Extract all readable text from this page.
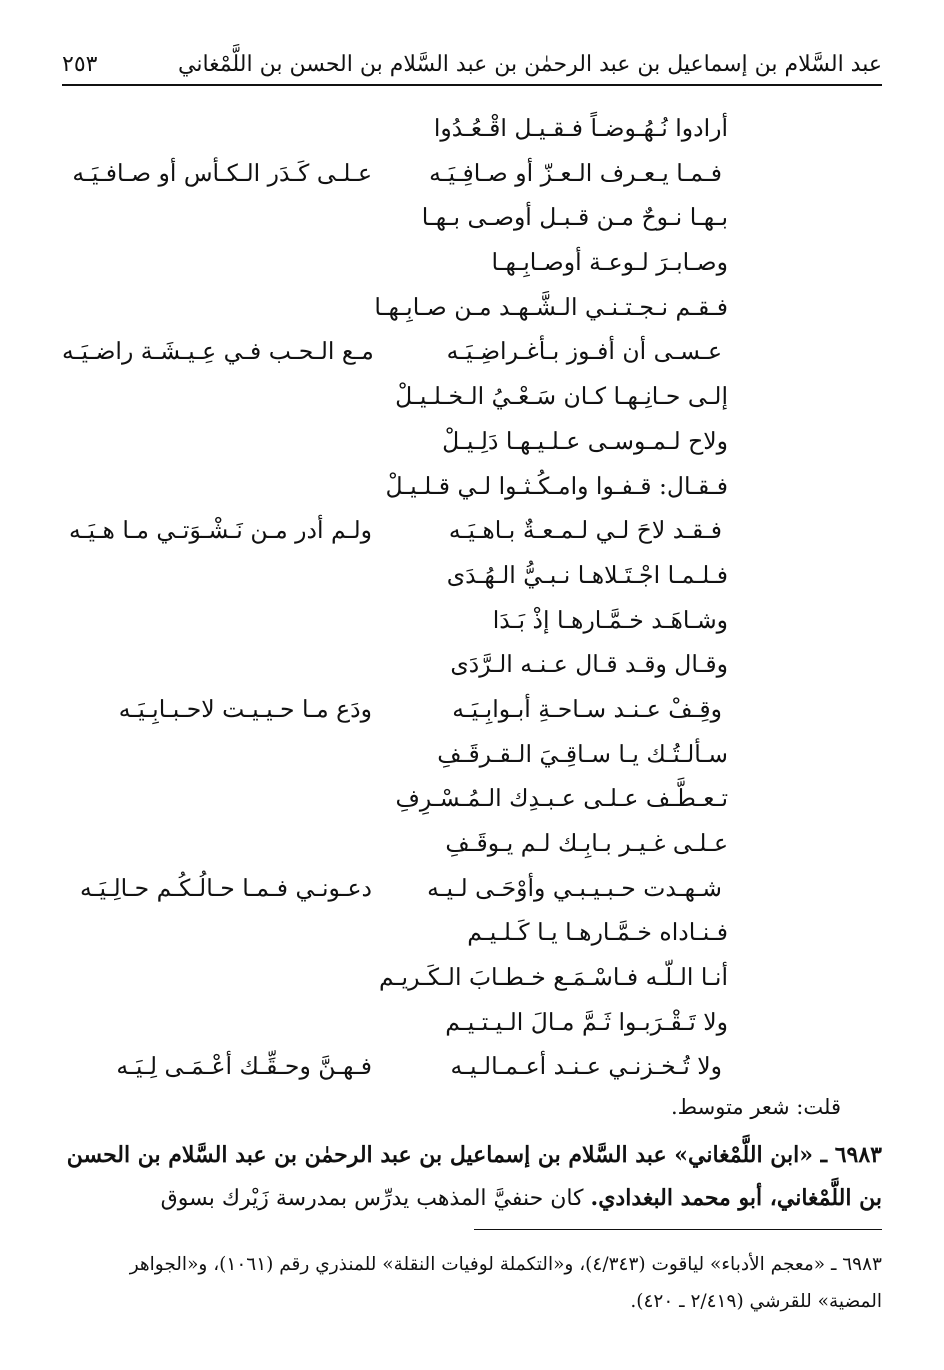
عبد السَّلام بن إسماعيل بن عبد الرحمٰن بن عبد السَّلام بن الحسن بن اللَّمْغاني
٢٥٣
أرادوا نُـهُـوضـاً فـقـيـل اقْـعُـدُوا
فـمـا يـعـرف الـعـزّ أو صـافِـيَـه
عـلـى كَـدَر الـكـأس أو صـافـيَـه
بـهـا نـوحٌ مـن قـبـل أوصـى بـهـا
وصـابـرَ لـوعـة أوصـابِـهـا
فـقـم نـجـتـنـي الـشَّـهـد مـن صـابِـهـا
عـسـى أن أفـوز بـأغـراضِـيَـه
مـع الـحـب فـي عِـيـشَـة راضـيَـه
إلـى حـانِـهـا كـان سَـعْـيُ الـخـلـيـلْ
ولاح لـمـوسـى عـلـيـهـا دَلِـيـلْ
فـقـال: قـفـوا وامـكُـثـوا لـي قـلـيـلْ
فـقـد لاحَ لـي لـمـعـةٌ بـاهـيَـه
ولـم أدر مـن نَـشْـوَتـي مـا هـيَـه
فـلـمـا اجْـتَـلاهـا نـبـيُّ الـهُـدَى
وشـاهَـد خـمَّـارهـا إذْ بَـدَا
وقـال وقـد قـال عـنـه الـرَّدَى
وقِـفْ عـنـد سـاحـةِ أبـوابِـيَـه
ودَع مـا حـيـيـت لاحـبـابِـيَـه
سـألـتُـك يـا سـاقِـيَ الـقـرقَـفِ
تـعـطَّـف عـلـى عـبـدِك الـمُـسْـرِفِ
عـلـى غـيـر بـابِـك لـم يـوقَـفِ
شـهـدت حـبـيـبـي وأوْحَـى لـيـه
دعـونـي فـمـا حـالُـكُـم حـالِـيَـه
فـنـاداه خـمَّـارهـا يـا كَـلـيـم
أنـا الـلّـه فـاسْـمَـع خـطـابَ الـكَـريـم
ولا تَـقْـرَبـوا ثَـمَّ مـالَ الـيـتـيـم
ولا تُـخـزنـي عـنـد أعـمـالـيـه
فـهـنَّ وحـقِّـك أعْـمَـى لِـيَـه
قلت: شعر متوسط.
٦٩٨٣ ـ «ابن اللَّمْغاني» عبد السَّلام بن إسماعيل بن عبد الرحمٰن بن عبد السَّلام بن الحسن بن اللَّمْغاني، أبو محمد البغدادي. كان حنفيَّ المذهب يدرِّس بمدرسة زَيْرك بسوق
٦٩٨٣ ـ «معجم الأدباء» لياقوت (٤/٣٤٣)، و«التكملة لوفيات النقلة» للمنذري رقم (١٠٦١)، و«الجواهر المضية» للقرشي (٢/٤١٩ ـ ٤٢٠).
